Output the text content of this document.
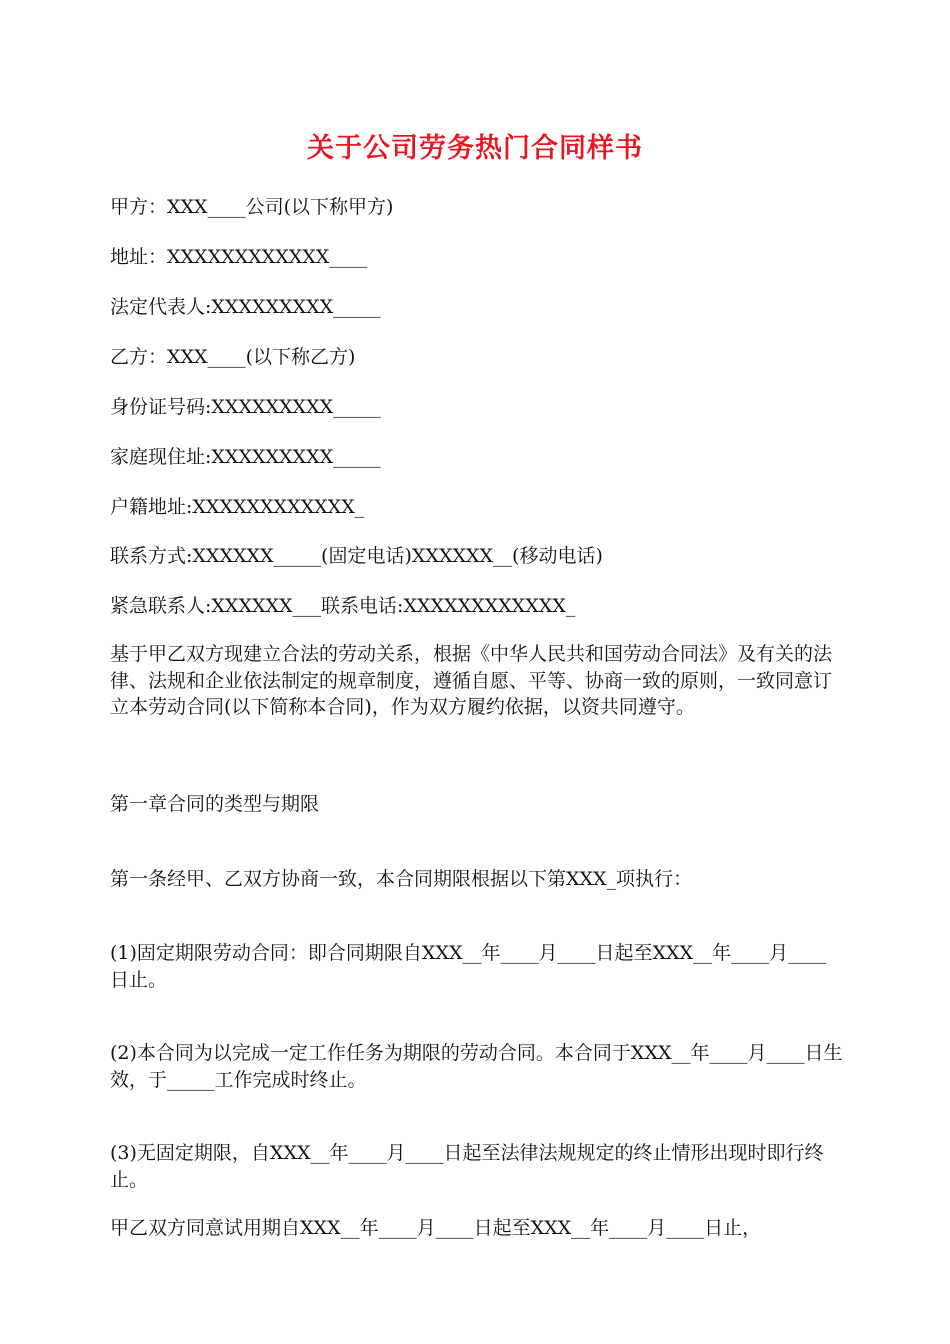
关于公司劳务热门合同样书
甲方：XXX____公司(以下称甲方)
地址：XXXXXXXXXXXX____
法定代表人:XXXXXXXXX_____
乙方：XXX____(以下称乙方)
身份证号码:XXXXXXXXX_____
家庭现住址:XXXXXXXXX_____
户籍地址:XXXXXXXXXXXX_
联系方式:XXXXXX_____(固定电话)XXXXXX__(移动电话)
紧急联系人:XXXXXX___联系电话:XXXXXXXXXXXX_
基于甲乙双方现建立合法的劳动关系，根据《中华人民共和国劳动合同法》及有关的法律、法规和企业依法制定的规章制度，遵循自愿、平等、协商一致的原则，一致同意订立本劳动合同(以下简称本合同)，作为双方履约依据，以资共同遵守。
第一章合同的类型与期限
第一条经甲、乙双方协商一致，本合同期限根据以下第XXX_项执行：
(1)固定期限劳动合同：即合同期限自XXX__年____月____日起至XXX__年____月____日止。
(2)本合同为以完成一定工作任务为期限的劳动合同。本合同于XXX__年____月____日生效，于_____工作完成时终止。
(3)无固定期限，自XXX__年____月____日起至法律法规规定的终止情形出现时即行终止。
甲乙双方同意试用期自XXX__年____月____日起至XXX__年____月____日止，
